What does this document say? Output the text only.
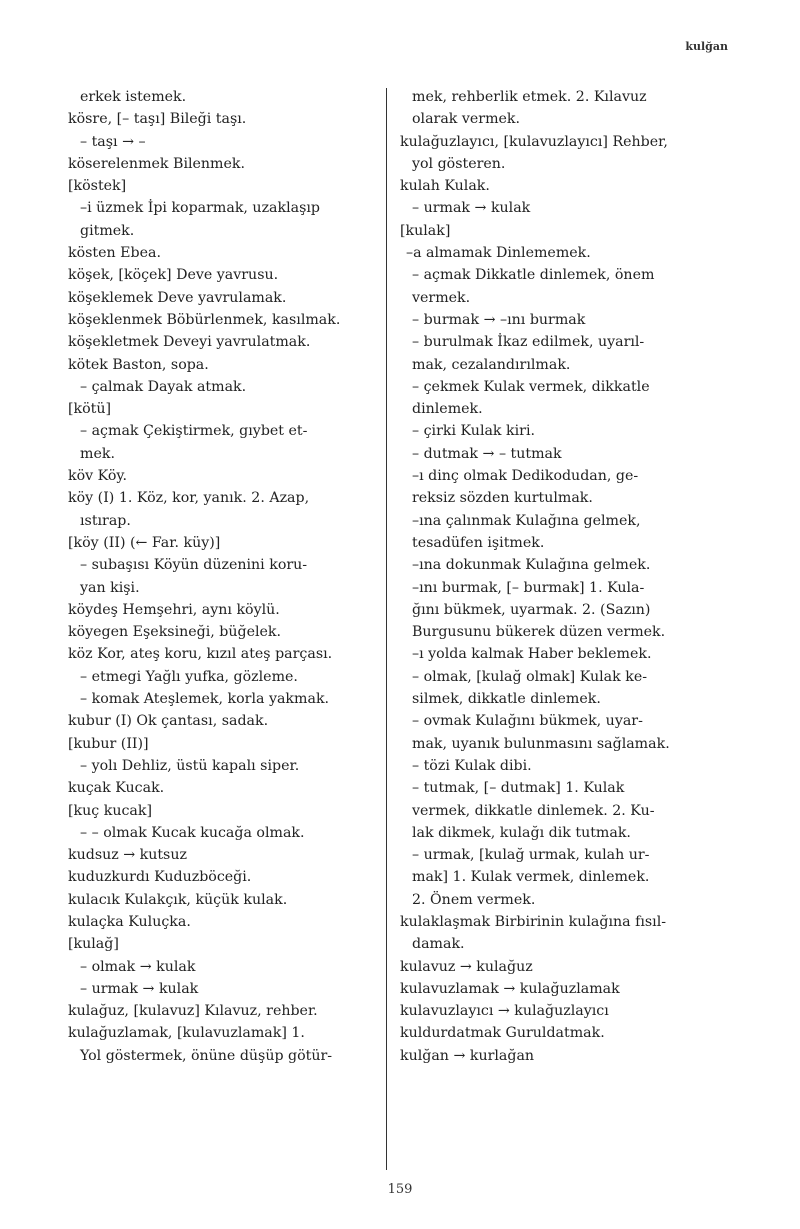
kulğan
erkek istemek.
kösre, [– taşı] Bileği taşı.
– taşı → –
köserelenmek Bilenmek.
[köstek]
–i üzmek İpi koparmak, uzaklaşıp
gitmek.
kösten Ebea.
köşek, [köçek] Deve yavrusu.
köşeklemek Deve yavrulamak.
köşeklenmek Böbürlenmek, kasılmak.
köşekletmek Deveyi yavrulatmak.
kötek Baston, sopa.
– çalmak Dayak atmak.
[kötü]
– açmak Çekiştirmek, gıybet et-
mek.
köv Köy.
köy (I) 1. Köz, kor, yanık. 2. Azap,
ıstırap.
[köy (II) (← Far. küy)]
– subaşısı Köyün düzenini koru-
yan kişi.
köydeş Hemşehri, aynı köylü.
köyegen Eşeksineği, büğelek.
köz Kor, ateş koru, kızıl ateş parçası.
– etmegi Yağlı yufka, gözleme.
– komak Ateşlemek, korla yakmak.
kubur (I) Ok çantası, sadak.
[kubur (II)]
– yolı Dehliz, üstü kapalı siper.
kuçak Kucak.
[kuç kucak]
– – olmak Kucak kucağa olmak.
kudsuz → kutsuz
kuduzkurdı Kuduzböceği.
kulacık Kulakçık, küçük kulak.
kulaçka Kuluçka.
[kulağ]
– olmak → kulak
– urmak → kulak
kulağuz, [kulavuz] Kılavuz, rehber.
kulağuzlamak, [kulavuzlamak] 1.
Yol göstermek, önüne düşüp götür-
mek, rehberlik etmek. 2. Kılavuz
olarak vermek.
kulağuzlayıcı, [kulavuzlayıcı] Rehber,
yol gösteren.
kulah Kulak.
– urmak → kulak
[kulak]
–a almamak Dinlememek.
– açmak Dikkatle dinlemek, önem
vermek.
– burmak → –ını burmak
– burulmak İkaz edilmek, uyarıl-
mak, cezalandırılmak.
– çekmek Kulak vermek, dikkatle
dinlemek.
– çirki Kulak kiri.
– dutmak → – tutmak
–ı dinç olmak Dedikodudan, ge-
reksiz sözden kurtulmak.
–ına çalınmak Kulağına gelmek,
tesadüfen işitmek.
–ına dokunmak Kulağına gelmek.
–ını burmak, [– burmak] 1. Kula-
ğını bükmek, uyarmak. 2. (Sazın)
Burgusunu bükerek düzen vermek.
–ı yolda kalmak Haber beklemek.
– olmak, [kulağ olmak] Kulak ke-
silmek, dikkatle dinlemek.
– ovmak Kulağını bükmek, uyar-
mak, uyanık bulunmasını sağlamak.
– tözi Kulak dibi.
– tutmak, [– dutmak] 1. Kulak
vermek, dikkatle dinlemek. 2. Ku-
lak dikmek, kulağı dik tutmak.
– urmak, [kulağ urmak, kulah ur-
mak] 1. Kulak vermek, dinlemek.
2. Önem vermek.
kulaklaşmak Birbirinin kulağına fısıl-
damak.
kulavuz → kulağuz
kulavuzlamak → kulağuzlamak
kulavuzlayıcı → kulağuzlayıcı
kuldurdatmak Guruldatmak.
kulğan → kurlağan
159
